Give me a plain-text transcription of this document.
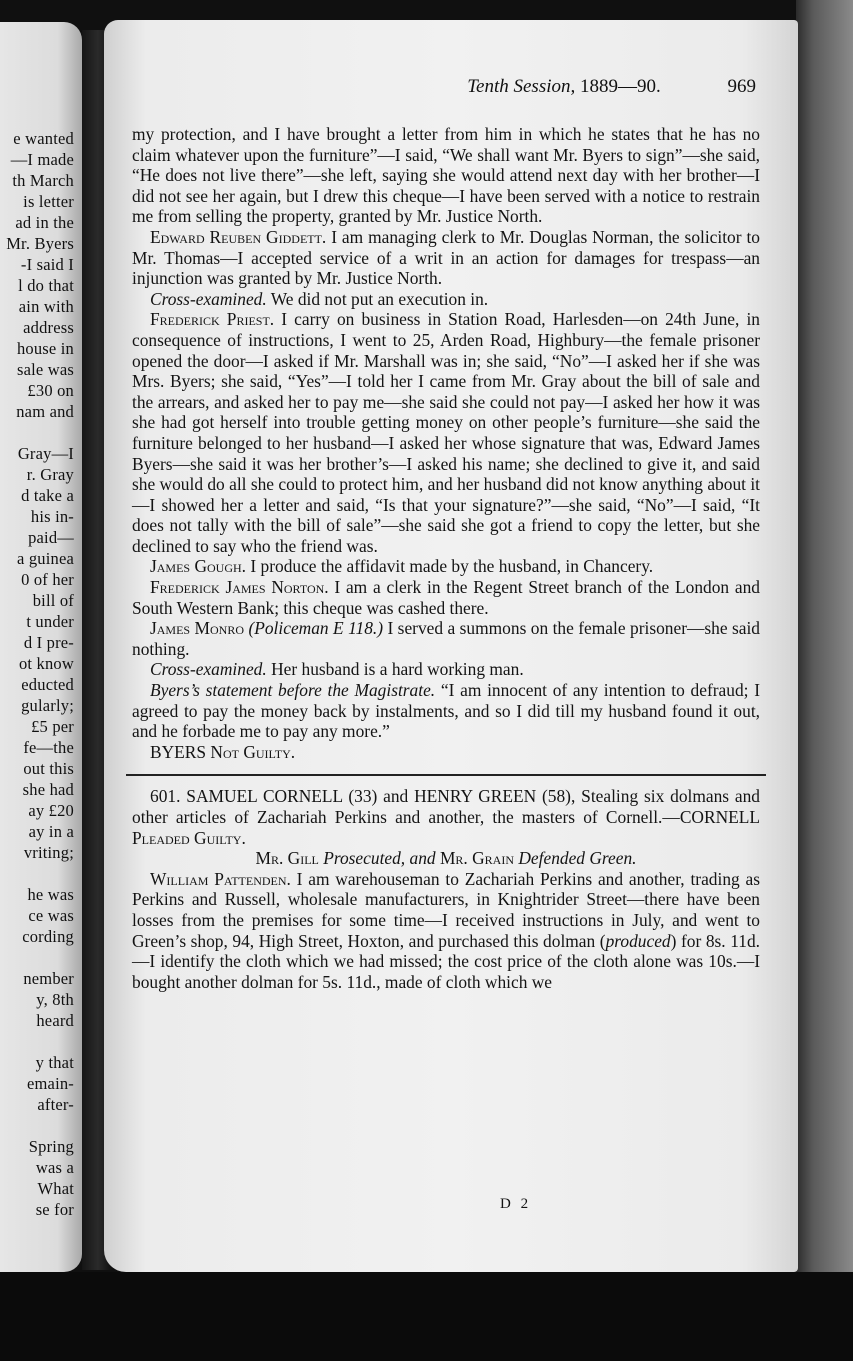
e wanted
—I made
th March
is letter
ad in the
Mr. Byers
-I said I
l do that
ain with
address
house in
sale was
£30 on
nam and
Gray—I
r. Gray
d take a
his in-
paid—
a guinea
0 of her
bill of
t under
d I pre-
ot know
educted
gularly;
£5 per
fe—the
out this
she had
ay £20
ay in a
vriting;
he was
ce was
cording
nember
y, 8th
heard
y that
emain-
after-
Spring
was a
What
se for
Tenth Session, 1889—90.	969

my protection, and I have brought a letter from him in which he states that he has no claim whatever upon the furniture”—I said, “We shall want Mr. Byers to sign”—she said, “He does not live there”—she left, saying she would attend next day with her brother—I did not see her again, but I drew this cheque—I have been served with a notice to restrain me from selling the property, granted by Mr. Justice North.

Edward Reuben Giddett. I am managing clerk to Mr. Douglas Norman, the solicitor to Mr. Thomas—I accepted service of a writ in an action for damages for trespass—an injunction was granted by Mr. Justice North.

Cross-examined. We did not put an execution in.

Frederick Priest. I carry on business in Station Road, Harlesden—on 24th June, in consequence of instructions, I went to 25, Arden Road, Highbury—the female prisoner opened the door—I asked if Mr. Marshall was in; she said, “No”—I asked her if she was Mrs. Byers; she said, “Yes”—I told her I came from Mr. Gray about the bill of sale and the arrears, and asked her to pay me—she said she could not pay—I asked her how it was she had got herself into trouble getting money on other people’s furniture—she said the furniture belonged to her husband—I asked her whose signature that was, Edward James Byers—she said it was her brother’s—I asked his name; she declined to give it, and said she would do all she could to protect him, and her husband did not know anything about it—I showed her a letter and said, “Is that your signature?”—she said, “No”—I said, “It does not tally with the bill of sale”—she said she got a friend to copy the letter, but she declined to say who the friend was.

James Gough. I produce the affidavit made by the husband, in Chancery.

Frederick James Norton. I am a clerk in the Regent Street branch of the London and South Western Bank; this cheque was cashed there.

James Monro (Policeman E 118.) I served a summons on the female prisoner—she said nothing.

Cross-examined. Her husband is a hard working man.

Byers’s statement before the Magistrate. “I am innocent of any intention to defraud; I agreed to pay the money back by instalments, and so I did till my husband found it out, and he forbade me to pay any more.”

BYERS Not Guilty.

601. SAMUEL CORNELL (33) and HENRY GREEN (58), Stealing six dolmans and other articles of Zachariah Perkins and another, the masters of Cornell.—CORNELL Pleaded Guilty.

Mr. Gill Prosecuted, and Mr. Grain Defended Green.

William Pattenden. I am warehouseman to Zachariah Perkins and another, trading as Perkins and Russell, wholesale manufacturers, in Knightrider Street—there have been losses from the premises for some time—I received instructions in July, and went to Green’s shop, 94, High Street, Hoxton, and purchased this dolman (produced) for 8s. 11d.—I identify the cloth which we had missed; the cost price of the cloth alone was 10s.—I bought another dolman for 5s. 11d., made of cloth which we

D 2
